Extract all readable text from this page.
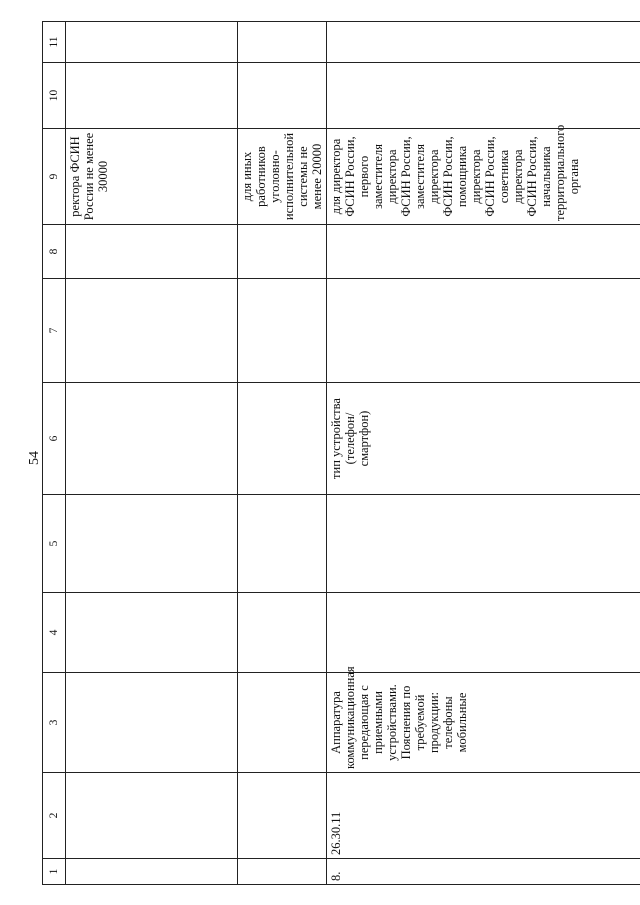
54
1	2	3	4	5	6	7	8	9	10	11
								ректора ФСИН России не менее 30000		
								для иных работников уголовно-исполнительной системы не менее 20000		
8.	26.30.11	Аппаратура коммуникационная передающая с приемными устройствами. Пояснения по требуемой продукции: телефоны мобильные			тип устройства (телефон/ смартфон)			для директора ФСИН России, первого заместителя директора ФСИН России, заместителя директора ФСИН России, помощника директора ФСИН России, советника директора ФСИН России, начальника территориального органа		
